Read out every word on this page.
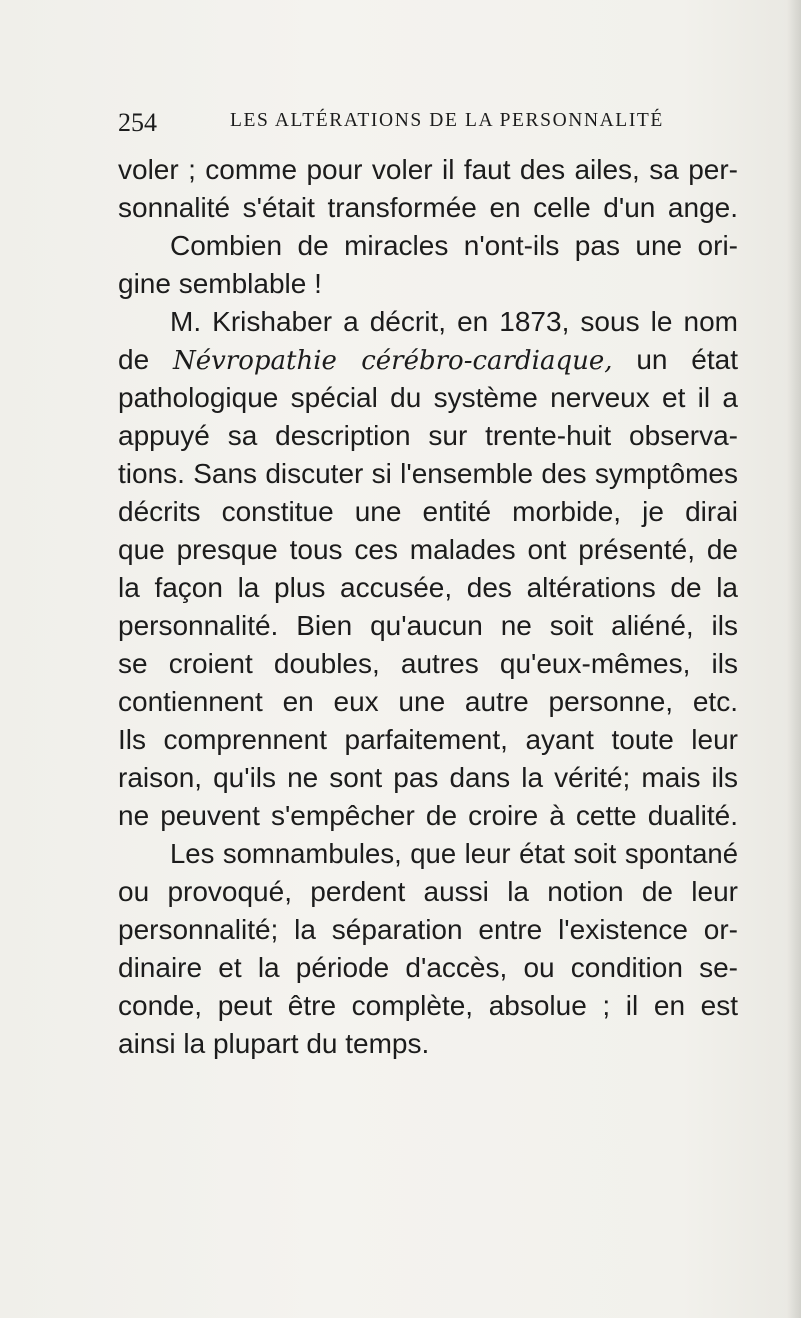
254	LES ALTÉRATIONS DE LA PERSONNALITÉ
voler ; comme pour voler il faut des ailes, sa per-
sonnalité s'était transformée en celle d'un ange.
Combien de miracles n'ont-ils pas une ori-
gine semblable !
M. Krishaber a décrit, en 1873, sous le nom
de Névropathie cérébro-cardiaque, un état
pathologique spécial du système nerveux et il a
appuyé sa description sur trente-huit observa-
tions. Sans discuter si l'ensemble des symptômes
décrits constitue une entité morbide, je dirai
que presque tous ces malades ont présenté, de
la façon la plus accusée, des altérations de la
personnalité. Bien qu'aucun ne soit aliéné, ils
se croient doubles, autres qu'eux-mêmes, ils
contiennent en eux une autre personne, etc.
Ils comprennent parfaitement, ayant toute leur
raison, qu'ils ne sont pas dans la vérité; mais ils
ne peuvent s'empêcher de croire à cette dualité.
Les somnambules, que leur état soit spontané
ou provoqué, perdent aussi la notion de leur
personnalité; la séparation entre l'existence or-
dinaire et la période d'accès, ou condition se-
conde, peut être complète, absolue ; il en est
ainsi la plupart du temps.
